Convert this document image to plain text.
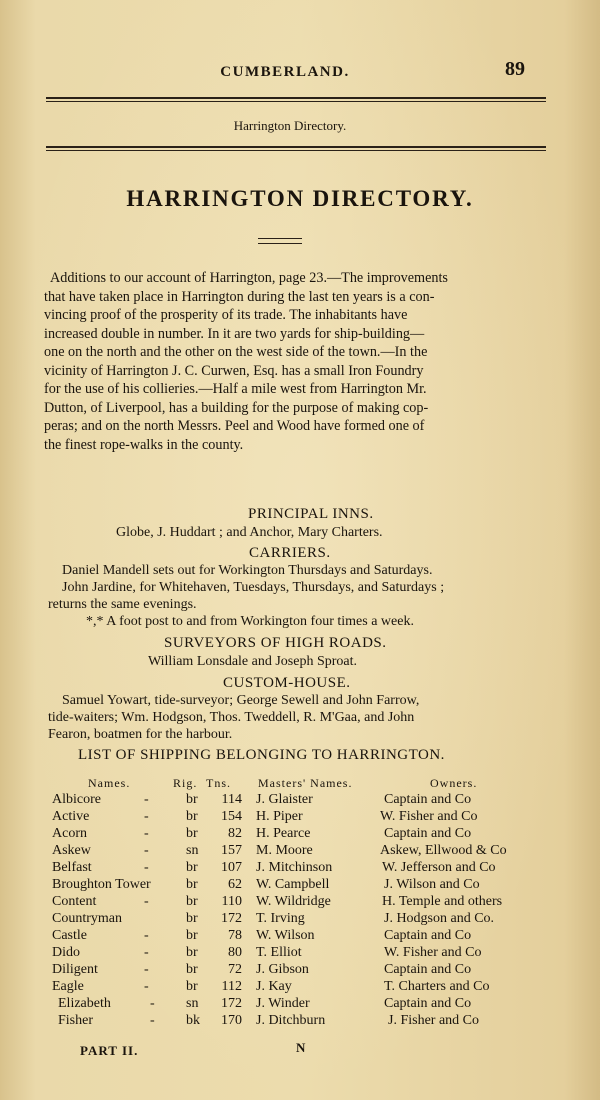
CUMBERLAND.	89
Harrington Directory.
HARRINGTON DIRECTORY.
Additions to our account of Harrington, page 23.—The improvements
that have taken place in Harrington during the last ten years is a con-
vincing proof of the prosperity of its trade. The inhabitants have
increased double in number. In it are two yards for ship-building—
one on the north and the other on the west side of the town.—In the
vicinity of Harrington J. C. Curwen, Esq. has a small Iron Foundry
for the use of his collieries.—Half a mile west from Harrington Mr.
Dutton, of Liverpool, has a building for the purpose of making cop-
peras; and on the north Messrs. Peel and Wood have formed one of
the finest rope-walks in the county.
PRINCIPAL INNS.
Globe, J. Huddart ; and Anchor, Mary Charters.
CARRIERS.
Daniel Mandell sets out for Workington Thursdays and Saturdays.
John Jardine, for Whitehaven, Tuesdays, Thursdays, and Saturdays ;
returns the same evenings.
*,* A foot post to and from Workington four times a week.
SURVEYORS OF HIGH ROADS.
William Lonsdale and Joseph Sproat.
CUSTOM-HOUSE.
Samuel Yowart, tide-surveyor; George Sewell and John Farrow,
tide-waiters; Wm. Hodgson, Thos. Tweddell, R. M'Gaa, and John
Fearon, boatmen for the harbour.
LIST OF SHIPPING BELONGING TO HARRINGTON.
Names.	Rig. Tns. Masters' Names.	Owners.
Albicore	-	br	114 J. Glaister	Captain and Co
Active	-	br	154 H. Piper	W. Fisher and Co
Acorn	-	br	82 H. Pearce	Captain and Co
Askew	-	sn	157 M. Moore	Askew, Ellwood & Co
Belfast	-	br	107 J. Mitchinson	W. Jefferson and Co
Broughton Tower	br	62 W. Campbell	J. Wilson and Co
Content	-	br	110 W. Wildridge	H. Temple and others
Countryman	br	172 T. Irving	J. Hodgson and Co.
Castle	-	br	78 W. Wilson	Captain and Co
Dido	-	br	80 T. Elliot	W. Fisher and Co
Diligent	-	br	72 J. Gibson	Captain and Co
Eagle	-	br	112 J. Kay	T. Charters and Co
Elizabeth	- sn	172 J. Winder	Captain and Co
Fisher	- bk	170 J. Ditchburn	J. Fisher and Co
PART II.	N
